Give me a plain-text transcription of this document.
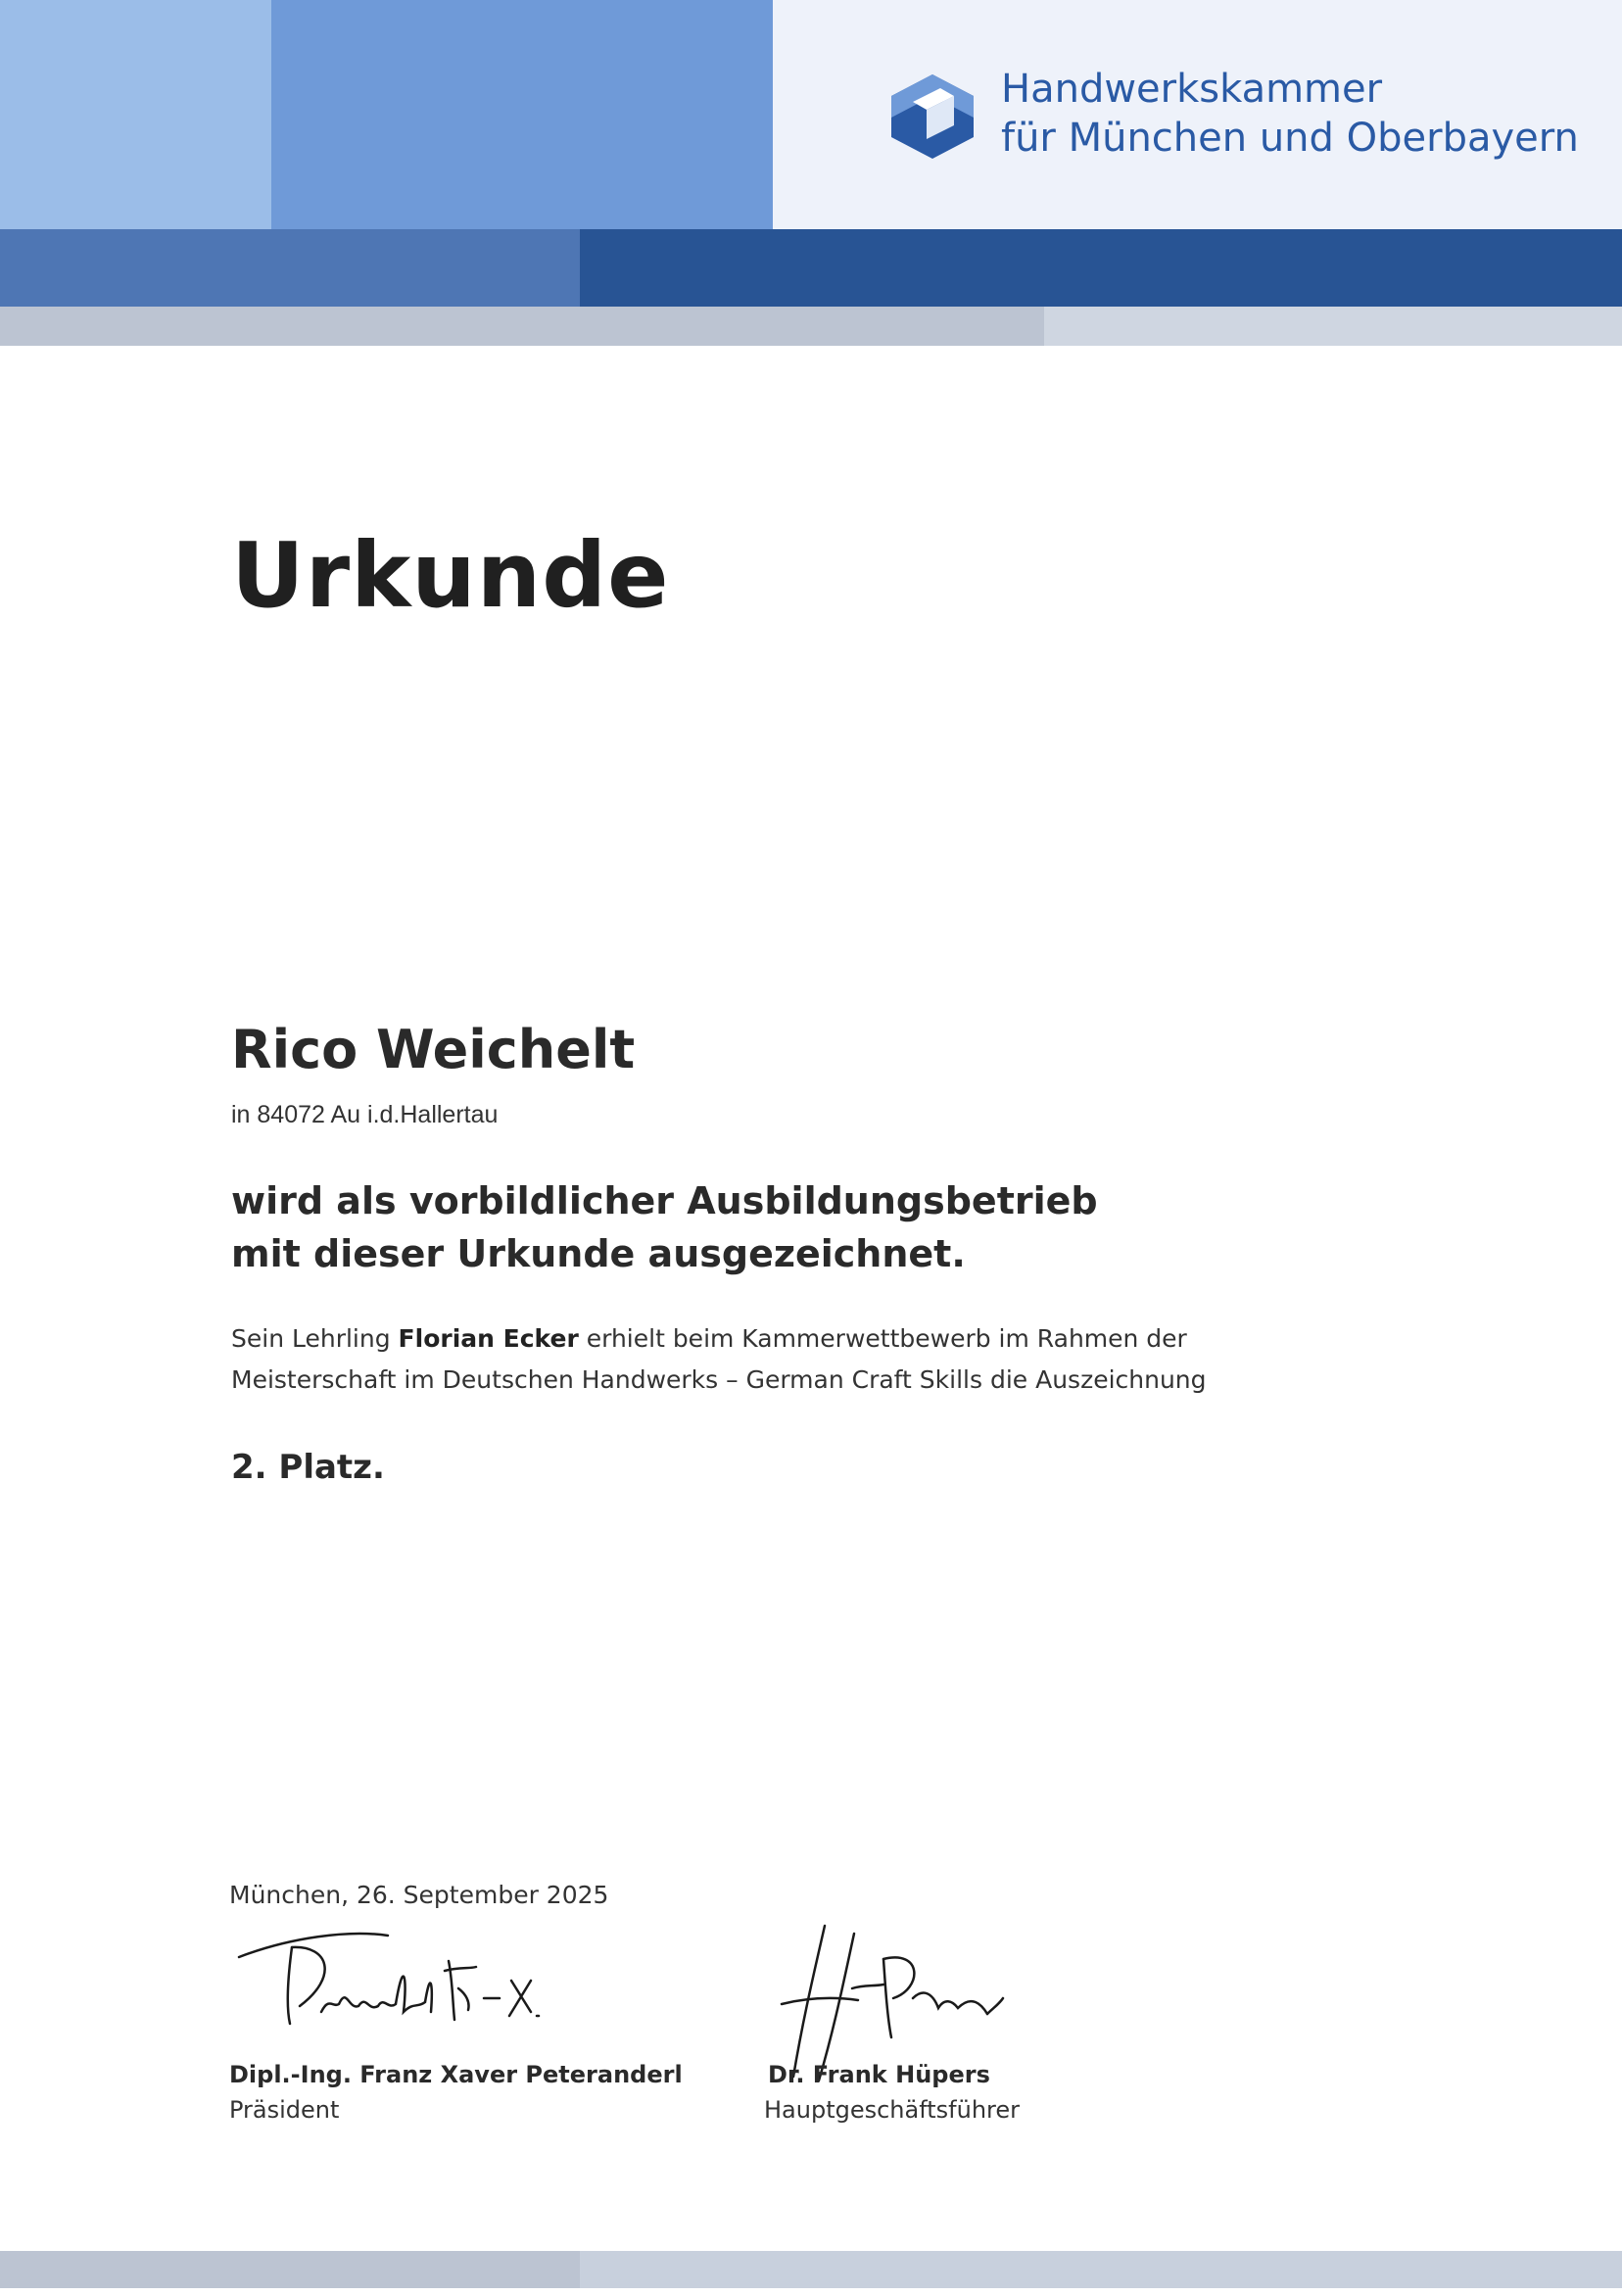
Handwerkskammer
für München und Oberbayern
Urkunde
Rico Weichelt
in 84072 Au i.d.Hallertau
wird als vorbildlicher Ausbildungsbetrieb
mit dieser Urkunde ausgezeichnet.
Sein Lehrling Florian Ecker erhielt beim Kammerwettbewerb im Rahmen der
Meisterschaft im Deutschen Handwerks – German Craft Skills die Auszeichnung
2. Platz.
München, 26. September 2025
Dipl.-Ing. Franz Xaver Peteranderl
Präsident
Dr. Frank Hüpers
Hauptgeschäftsführer
